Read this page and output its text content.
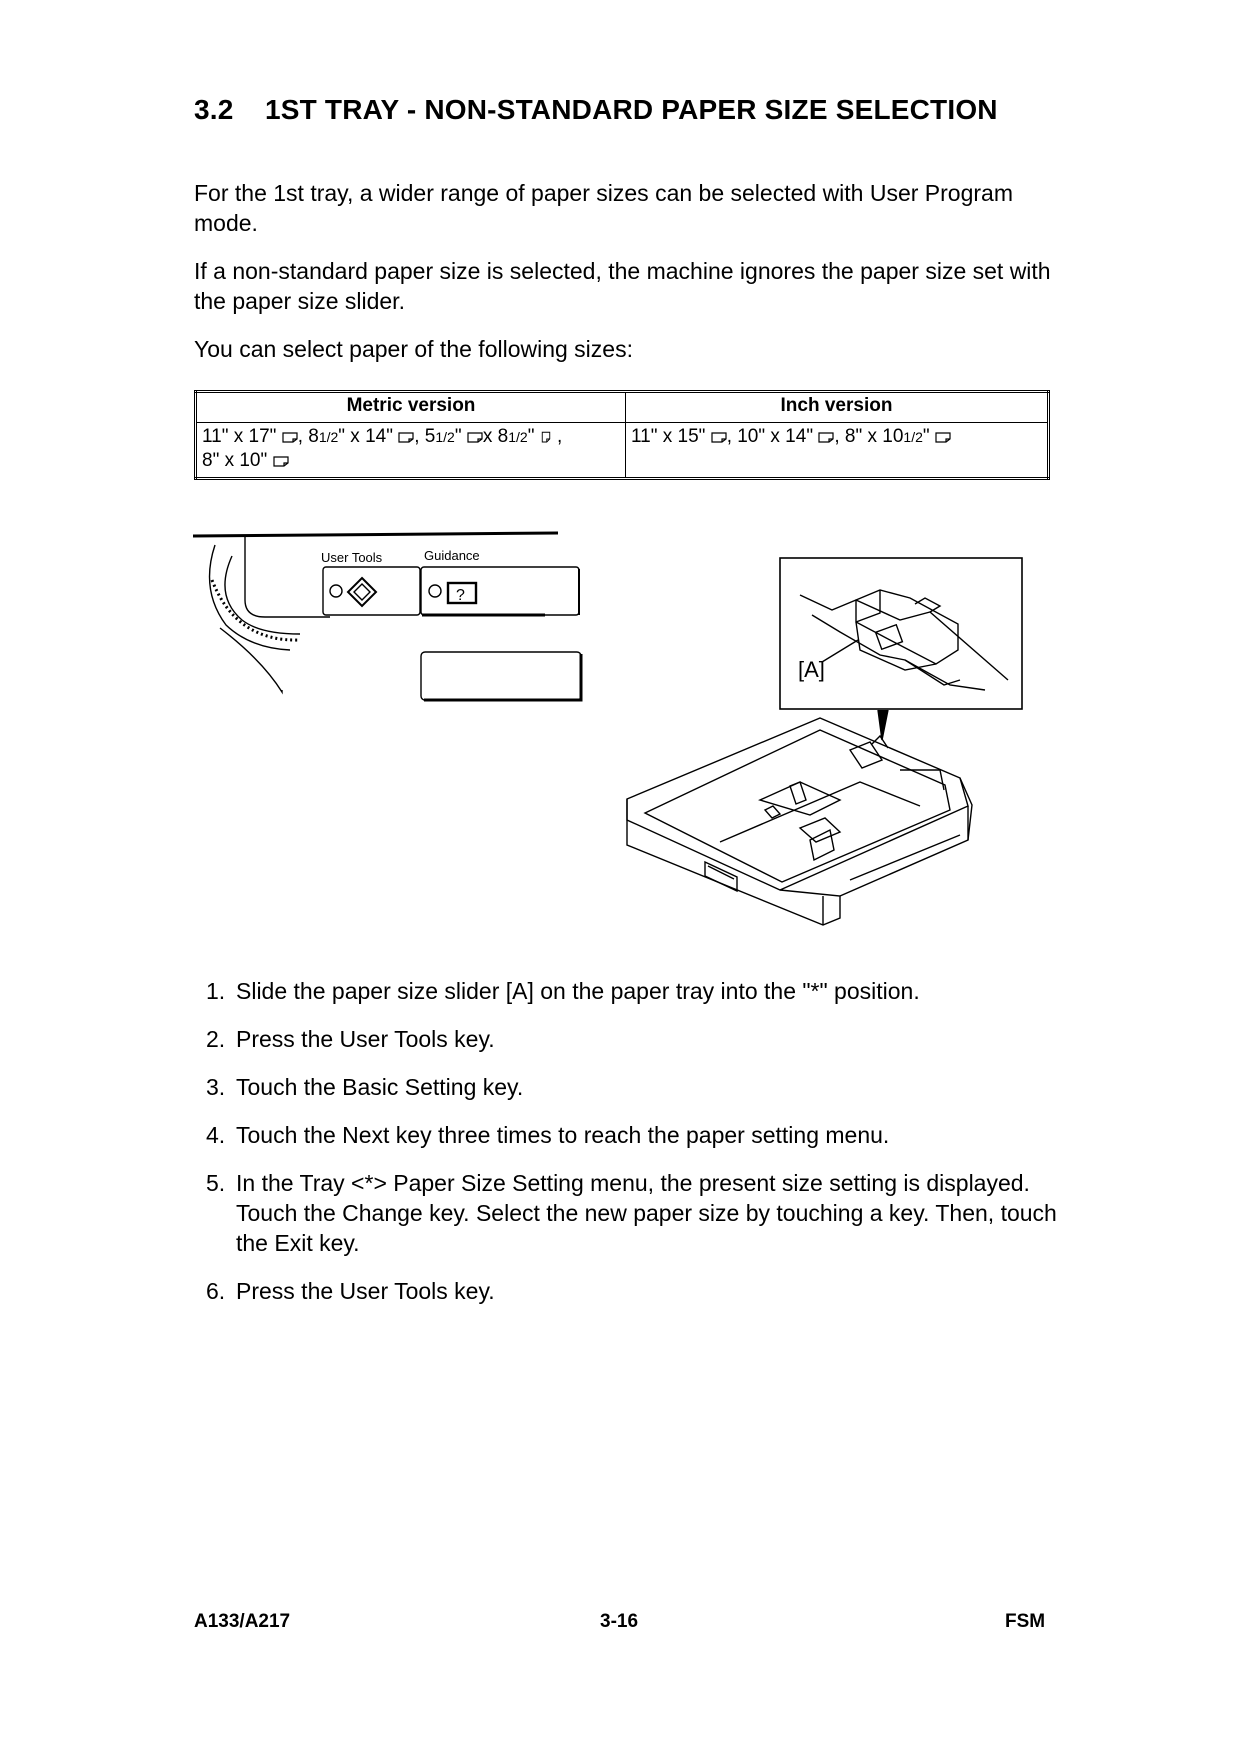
3.2 1ST TRAY - NON-STANDARD PAPER SIZE SELECTION

For the 1st tray, a wider range of paper sizes can be selected with User Program mode.

If a non-standard paper size is selected, the machine ignores the paper size set with the paper size slider.

You can select paper of the following sizes:

Metric version	Inch version
11" x 17" , 81/2" x 14" , 51/2" x 81/2" ,
8" x 10"	11" x 15" , 10" x 14" , 8" x 101/2"
User Tools	Guidance
?
[A]
1. Slide the paper size slider [A] on the paper tray into the "*" position.
2. Press the User Tools key.
3. Touch the Basic Setting key.
4. Touch the Next key three times to reach the paper setting menu.
5. In the Tray <*> Paper Size Setting menu, the present size setting is displayed. Touch the Change key. Select the new paper size by touching a key. Then, touch the Exit key.
6. Press the User Tools key.
A133/A217	3-16	FSM
